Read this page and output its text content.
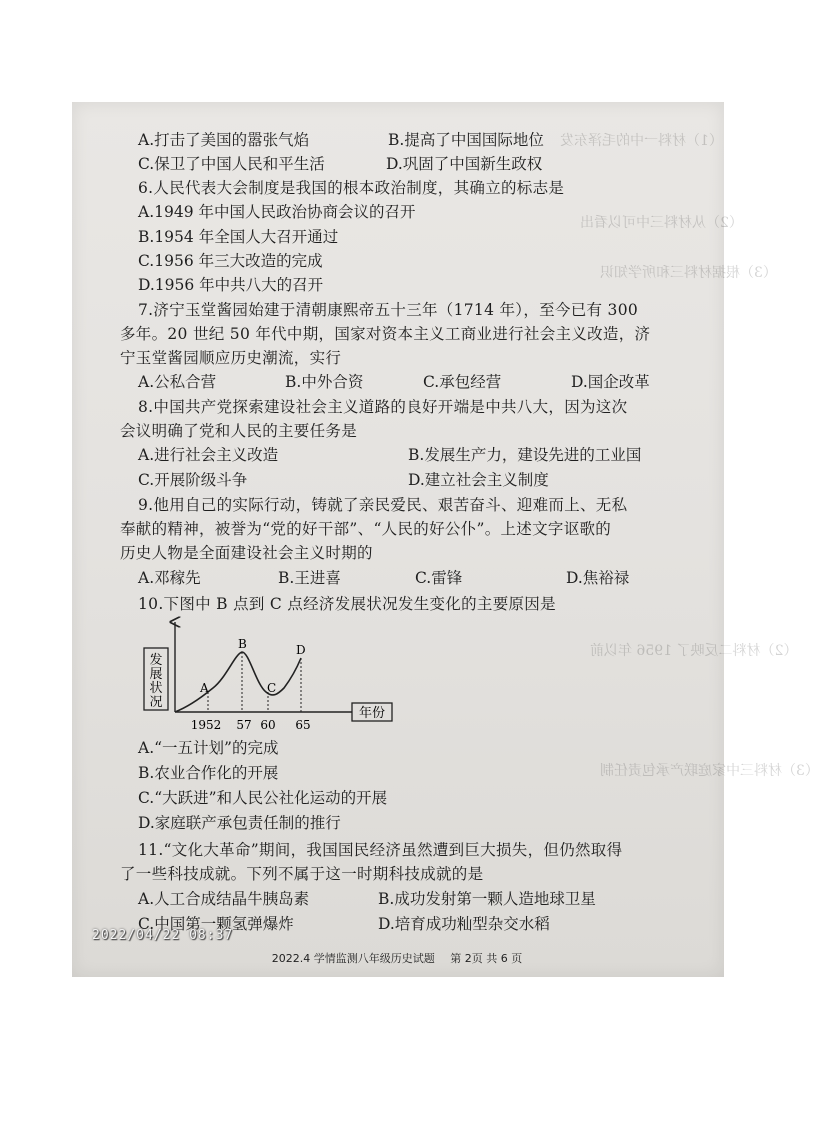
（1）材料一中的毛泽东发
（2）从材料三中可以看出
（3）根据材料三和所学知识
（2）材料二反映了 1956 年以前
（3）材料三中家庭联产承包责任制
A.打击了美国的嚣张气焰	B.提高了中国国际地位
C.保卫了中国人民和平生活	D.巩固了中国新生政权
6.人民代表大会制度是我国的根本政治制度，其确立的标志是
A.1949 年中国人民政治协商会议的召开
B.1954 年全国人大召开通过
C.1956 年三大改造的完成
D.1956 年中共八大的召开
7.济宁玉堂酱园始建于清朝康熙帝五十三年（1714 年），至今已有 300
多年。20 世纪 50 年代中期，国家对资本主义工商业进行社会主义改造，济
宁玉堂酱园顺应历史潮流，实行
A.公私合营	B.中外合资	C.承包经营	D.国企改革
8.中国共产党探索建设社会主义道路的良好开端是中共八大，因为这次
会议明确了党和人民的主要任务是
A.进行社会主义改造	B.发展生产力，建设先进的工业国
C.开展阶级斗争	D.建立社会主义制度
9.他用自己的实际行动，铸就了亲民爱民、艰苦奋斗、迎难而上、无私
奉献的精神，被誉为“党的好干部”、“人民的好公仆”。上述文字讴歌的
历史人物是全面建设社会主义时期的
A.邓稼先	B.王进喜	C.雷锋	D.焦裕禄
10.下图中 B 点到 C 点经济发展状况发生变化的主要原因是
发
展
状
况
年份
A
B
C
D
1952 57 60 65
A.“一五计划”的完成
B.农业合作化的开展
C.“大跃进”和人民公社化运动的开展
D.家庭联产承包责任制的推行
11.“文化大革命”期间，我国国民经济虽然遭到巨大损失，但仍然取得
了一些科技成就。下列不属于这一时期科技成就的是
A.人工合成结晶牛胰岛素	B.成功发射第一颗人造地球卫星
C.中国第一颗氢弹爆炸	D.培育成功籼型杂交水稻
2022/04/22 08:37
2022.4 学情监测八年级历史试题 第 2页 共 6 页
